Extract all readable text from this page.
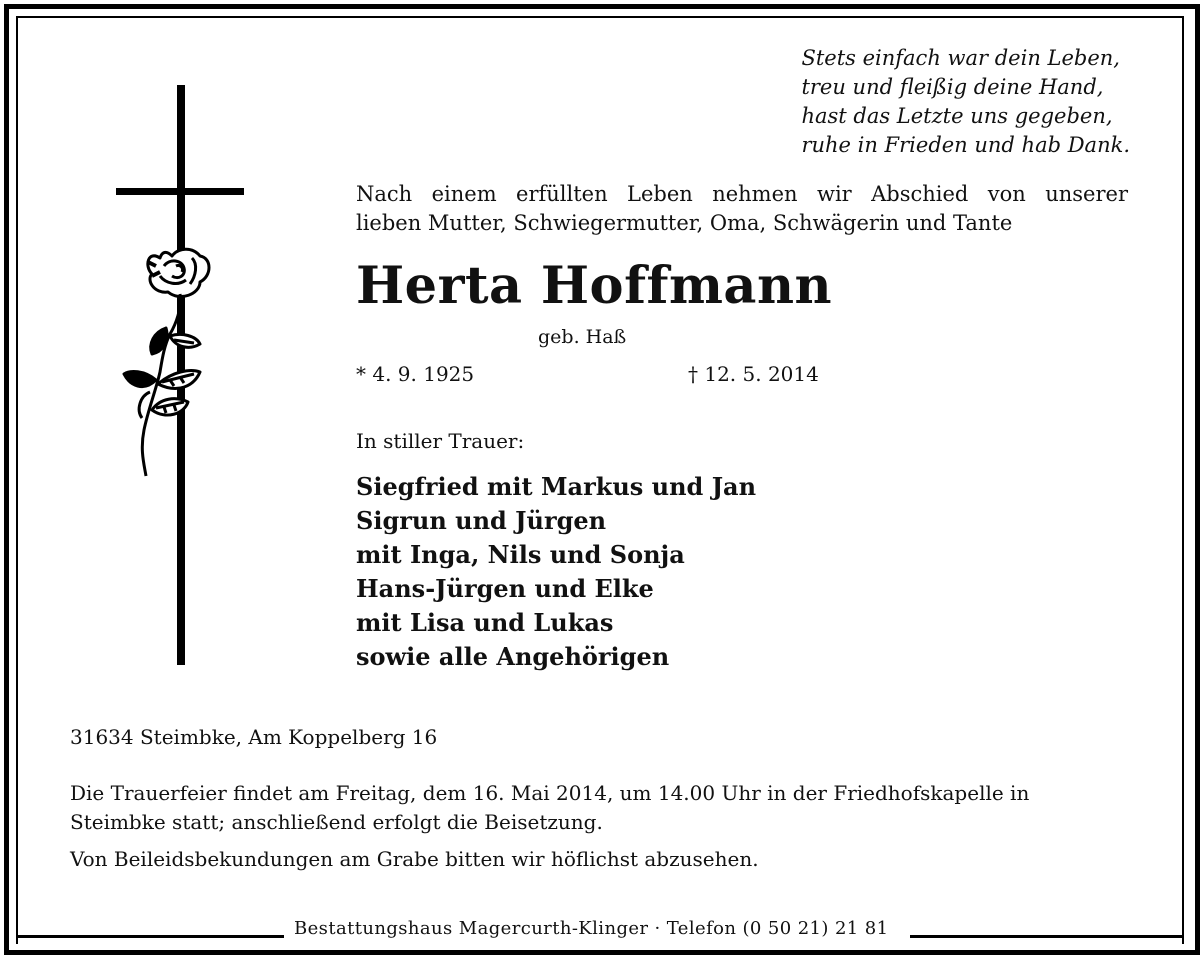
Stets einfach war dein Leben,
treu und fleißig deine Hand,
hast das Letzte uns gegeben,
ruhe in Frieden und hab Dank.
Nach einem erfüllten Leben nehmen wir Abschied von unserer
lieben Mutter, Schwiegermutter, Oma, Schwägerin und Tante
Herta Hoffmann
geb. Haß
* 4. 9. 1925	† 12. 5. 2014
In stiller Trauer:
Siegfried mit Markus und Jan
Sigrun und Jürgen
mit Inga, Nils und Sonja
Hans-Jürgen und Elke
mit Lisa und Lukas
sowie alle Angehörigen
31634 Steimbke, Am Koppelberg 16
Die Trauerfeier findet am Freitag, dem 16. Mai 2014, um 14.00 Uhr in der Friedhofskapelle in
Steimbke statt; anschließend erfolgt die Beisetzung.
Von Beileidsbekundungen am Grabe bitten wir höflichst abzusehen.
Bestattungshaus Magercurth-Klinger · Telefon (0 50 21) 21 81
